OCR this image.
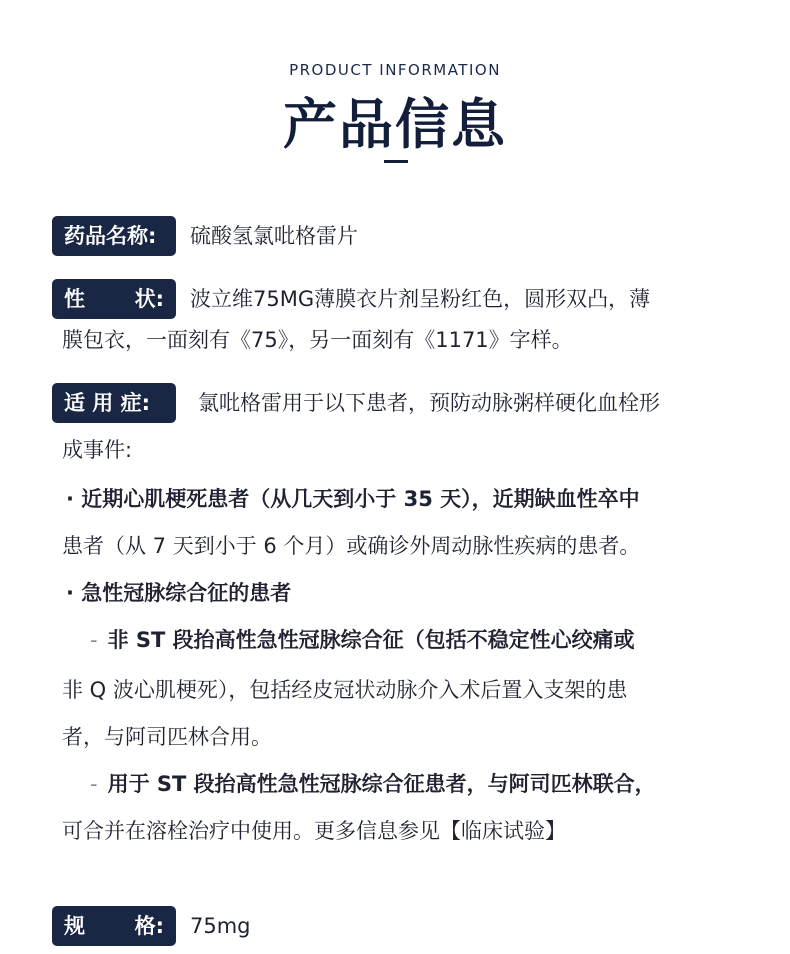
PRODUCT INFORMATION
产品信息
药品名称:	硫酸氢氯吡格雷片
性 状: 波立维75MG薄膜衣片剂呈粉红色，圆形双凸，薄
膜包衣，一面刻有《75》，另一面刻有《1171》字样。
适 用 症:	氯吡格雷用于以下患者，预防动脉粥样硬化血栓形
成事件:
· 近期心肌梗死患者（从几天到小于 35 天），近期缺血性卒中
患者（从 7 天到小于 6 个月）或确诊外周动脉性疾病的患者。
· 急性冠脉综合征的患者
- 非 ST 段抬高性急性冠脉综合征（包括不稳定性心绞痛或
非 Q 波心肌梗死），包括经皮冠状动脉介入术后置入支架的患
者，与阿司匹林合用。
- 用于 ST 段抬高性急性冠脉综合征患者，与阿司匹林联合，
可合并在溶栓治疗中使用。更多信息参见【临床试验】
规 格: 75mg
